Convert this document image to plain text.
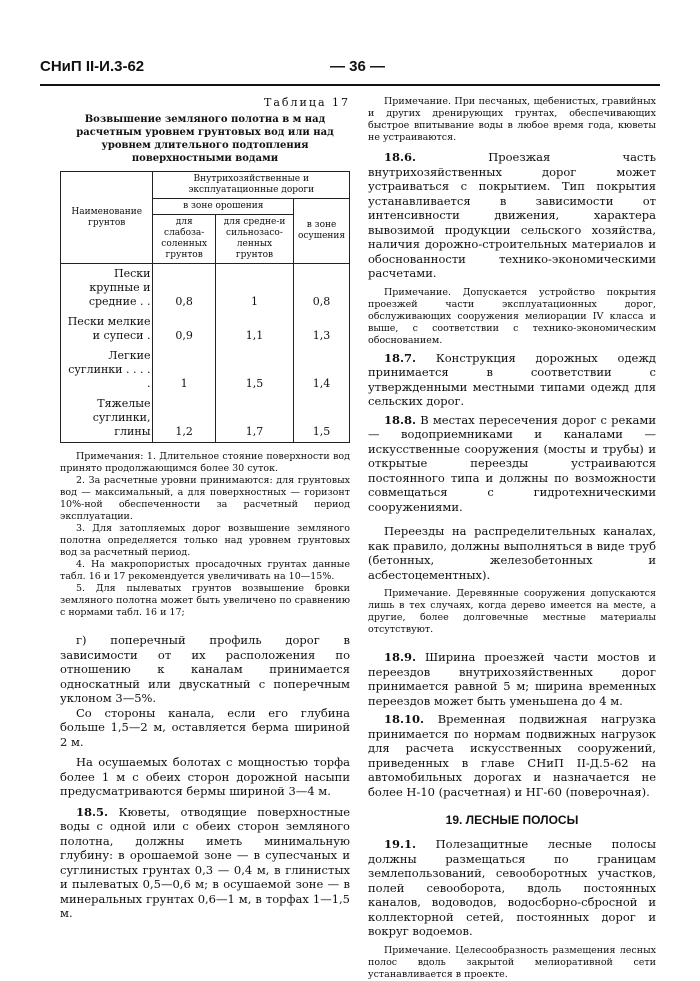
СНиП II-И.3-62	— 36 —
Таблица 17
Возвышение земляного полотна в м над расчетным уровнем грунтовых вод или над уровнем длительного подтопления поверхностными водами
Наименование грунтов	Внутрихозяйственные и эксплуатационные дороги		
	в зоне орошения		в зоне осушения
	для слабоза-соленных грунтов	для средне-и сильнозасо-ленных грунтов	
Пески крупные и средние . .	0,8	1	0,8
Пески мелкие и супеси .	0,9	1,1	1,3
Легкие суглинки . . . . .	1	1,5	1,4
Тяжелые суглинки, глины	1,2	1,7	1,5

Примечания: 1. Длительное стояние поверхности вод принято продолжающимся более 30 суток.

2. За расчетные уровни принимаются: для грунтовых вод — максимальный, а для поверхностных — горизонт 10%-ной обеспеченности за расчетный период эксплуатации.

3. Для затопляемых дорог возвышение земляного полотна определяется только над уровнем грунтовых вод за расчетный период.

4. На макропористых просадочных грунтах данные табл. 16 и 17 рекомендуется увеличивать на 10—15%.

5. Для пылеватых грунтов возвышение бровки земляного полотна может быть увеличено по сравнению с нормами табл. 16 и 17;

г) поперечный профиль дорог в зависимости от их расположения по отношению к каналам принимается односкатный или двускатный с поперечным уклоном 3—5%.

Со стороны канала, если его глубина больше 1,5—2 м, оставляется берма шириной 2 м.

На осушаемых болотах с мощностью торфа более 1 м с обеих сторон дорожной насыпи предусматриваются бермы шириной 3—4 м.

18.5. Кюветы, отводящие поверхностные воды с одной или с обеих сторон земляного полотна, должны иметь минимальную глубину: в орошаемой зоне — в супесчаных и суглинистых грунтах 0,3 — 0,4 м, в глинистых и пылеватых 0,5—0,6 м; в осушаемой зоне — в минеральных грунтах 0,6—1 м, в торфах 1—1,5 м.

Примечание. При песчаных, щебенистых, гравийных и других дренирующих грунтах, обеспечивающих быстрое впитывание воды в любое время года, кюветы не устраиваются.

18.6.	Проезжая часть внутрихозяйственных дорог может устраиваться с покрытием. Тип покрытия устанавливается в зависимости от интенсивности движения, характера вывозимой продукции сельского хозяйства, наличия дорожно-строительных материалов и обоснованности технико-экономическими расчетами.

Примечание. Допускается устройство покрытия проезжей части эксплуатационных дорог, обслуживающих сооружения мелиорации IV класса и выше, с соответствии с технико-экономическим обоснованием.

18.7. Конструкция дорожных одежд принимается в соответствии с утвержденными местными типами одежд для сельских дорог.

18.8. В местах пересечения дорог с реками — водоприемниками и каналами — искусственные сооружения (мосты и трубы) и открытые переезды устраиваются постоянного типа и должны по возможности совмещаться с гидротехническими сооружениями.

Переезды на распределительных каналах, как правило, должны выполняться в виде труб (бетонных, железобетонных и асбестоцементных).

Примечание. Деревянные сооружения допускаются лишь в тех случаях, когда дерево имеется на месте, а другие, более долговечные местные материалы отсутствуют.

18.9. Ширина проезжей части мостов и переездов внутрихозяйственных дорог принимается равной 5 м; ширина временных переездов может быть уменьшена до 4 м.

18.10. Временная подвижная нагрузка принимается по нормам подвижных нагрузок для расчета искусственных сооружений, приведенных в главе СНиП II-Д.5-62 на автомобильных дорогах и назначается не более Н-10 (расчетная) и НГ-60 (поверочная).

19. ЛЕСНЫЕ ПОЛОСЫ

19.1. Полезащитные лесные полосы должны размещаться по границам землепользований, севооборотных участков, полей севооборота, вдоль постоянных каналов, водоводов, водосборно-сбросной и коллекторной сетей, постоянных дорог и вокруг водоемов.

Примечание. Целесообразность размещения лесных полос вдоль закрытой мелиоративной сети устанавливается в проекте.
